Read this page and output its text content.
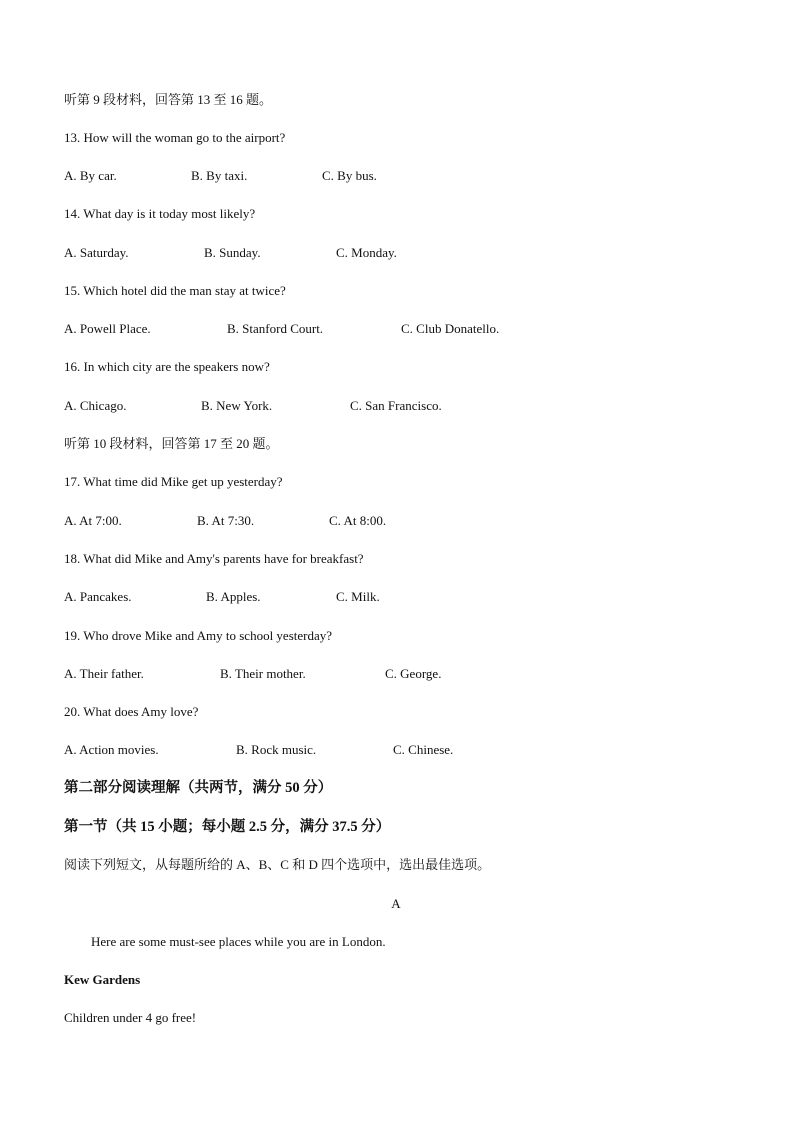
听第 9 段材料，回答第 13 至 16 题。
13. How will the woman go to the airport?
A. By car.	B. By taxi.	C. By bus.
14. What day is it today most likely?
A. Saturday.	B. Sunday.	C. Monday.
15. Which hotel did the man stay at twice?
A. Powell Place.	B. Stanford Court.	C. Club Donatello.
16. In which city are the speakers now?
A. Chicago.	B. New York.	C. San Francisco.
听第 10 段材料，回答第 17 至 20 题。
17. What time did Mike get up yesterday?
A. At 7:00.	B. At 7:30.	C. At 8:00.
18. What did Mike and Amy's parents have for breakfast?
A. Pancakes.	B. Apples.	C. Milk.
19. Who drove Mike and Amy to school yesterday?
A. Their father.	B. Their mother.	C. George.
20. What does Amy love?
A. Action movies.	B. Rock music.	C. Chinese.
第二部分阅读理解（共两节，满分 50 分）
第一节（共 15 小题；每小题 2.5 分，满分 37.5 分）
阅读下列短文，从每题所给的 A、B、C 和 D 四个选项中，选出最佳选项。
A
Here are some must-see places while you are in London.
Kew Gardens
Children under 4 go free!
